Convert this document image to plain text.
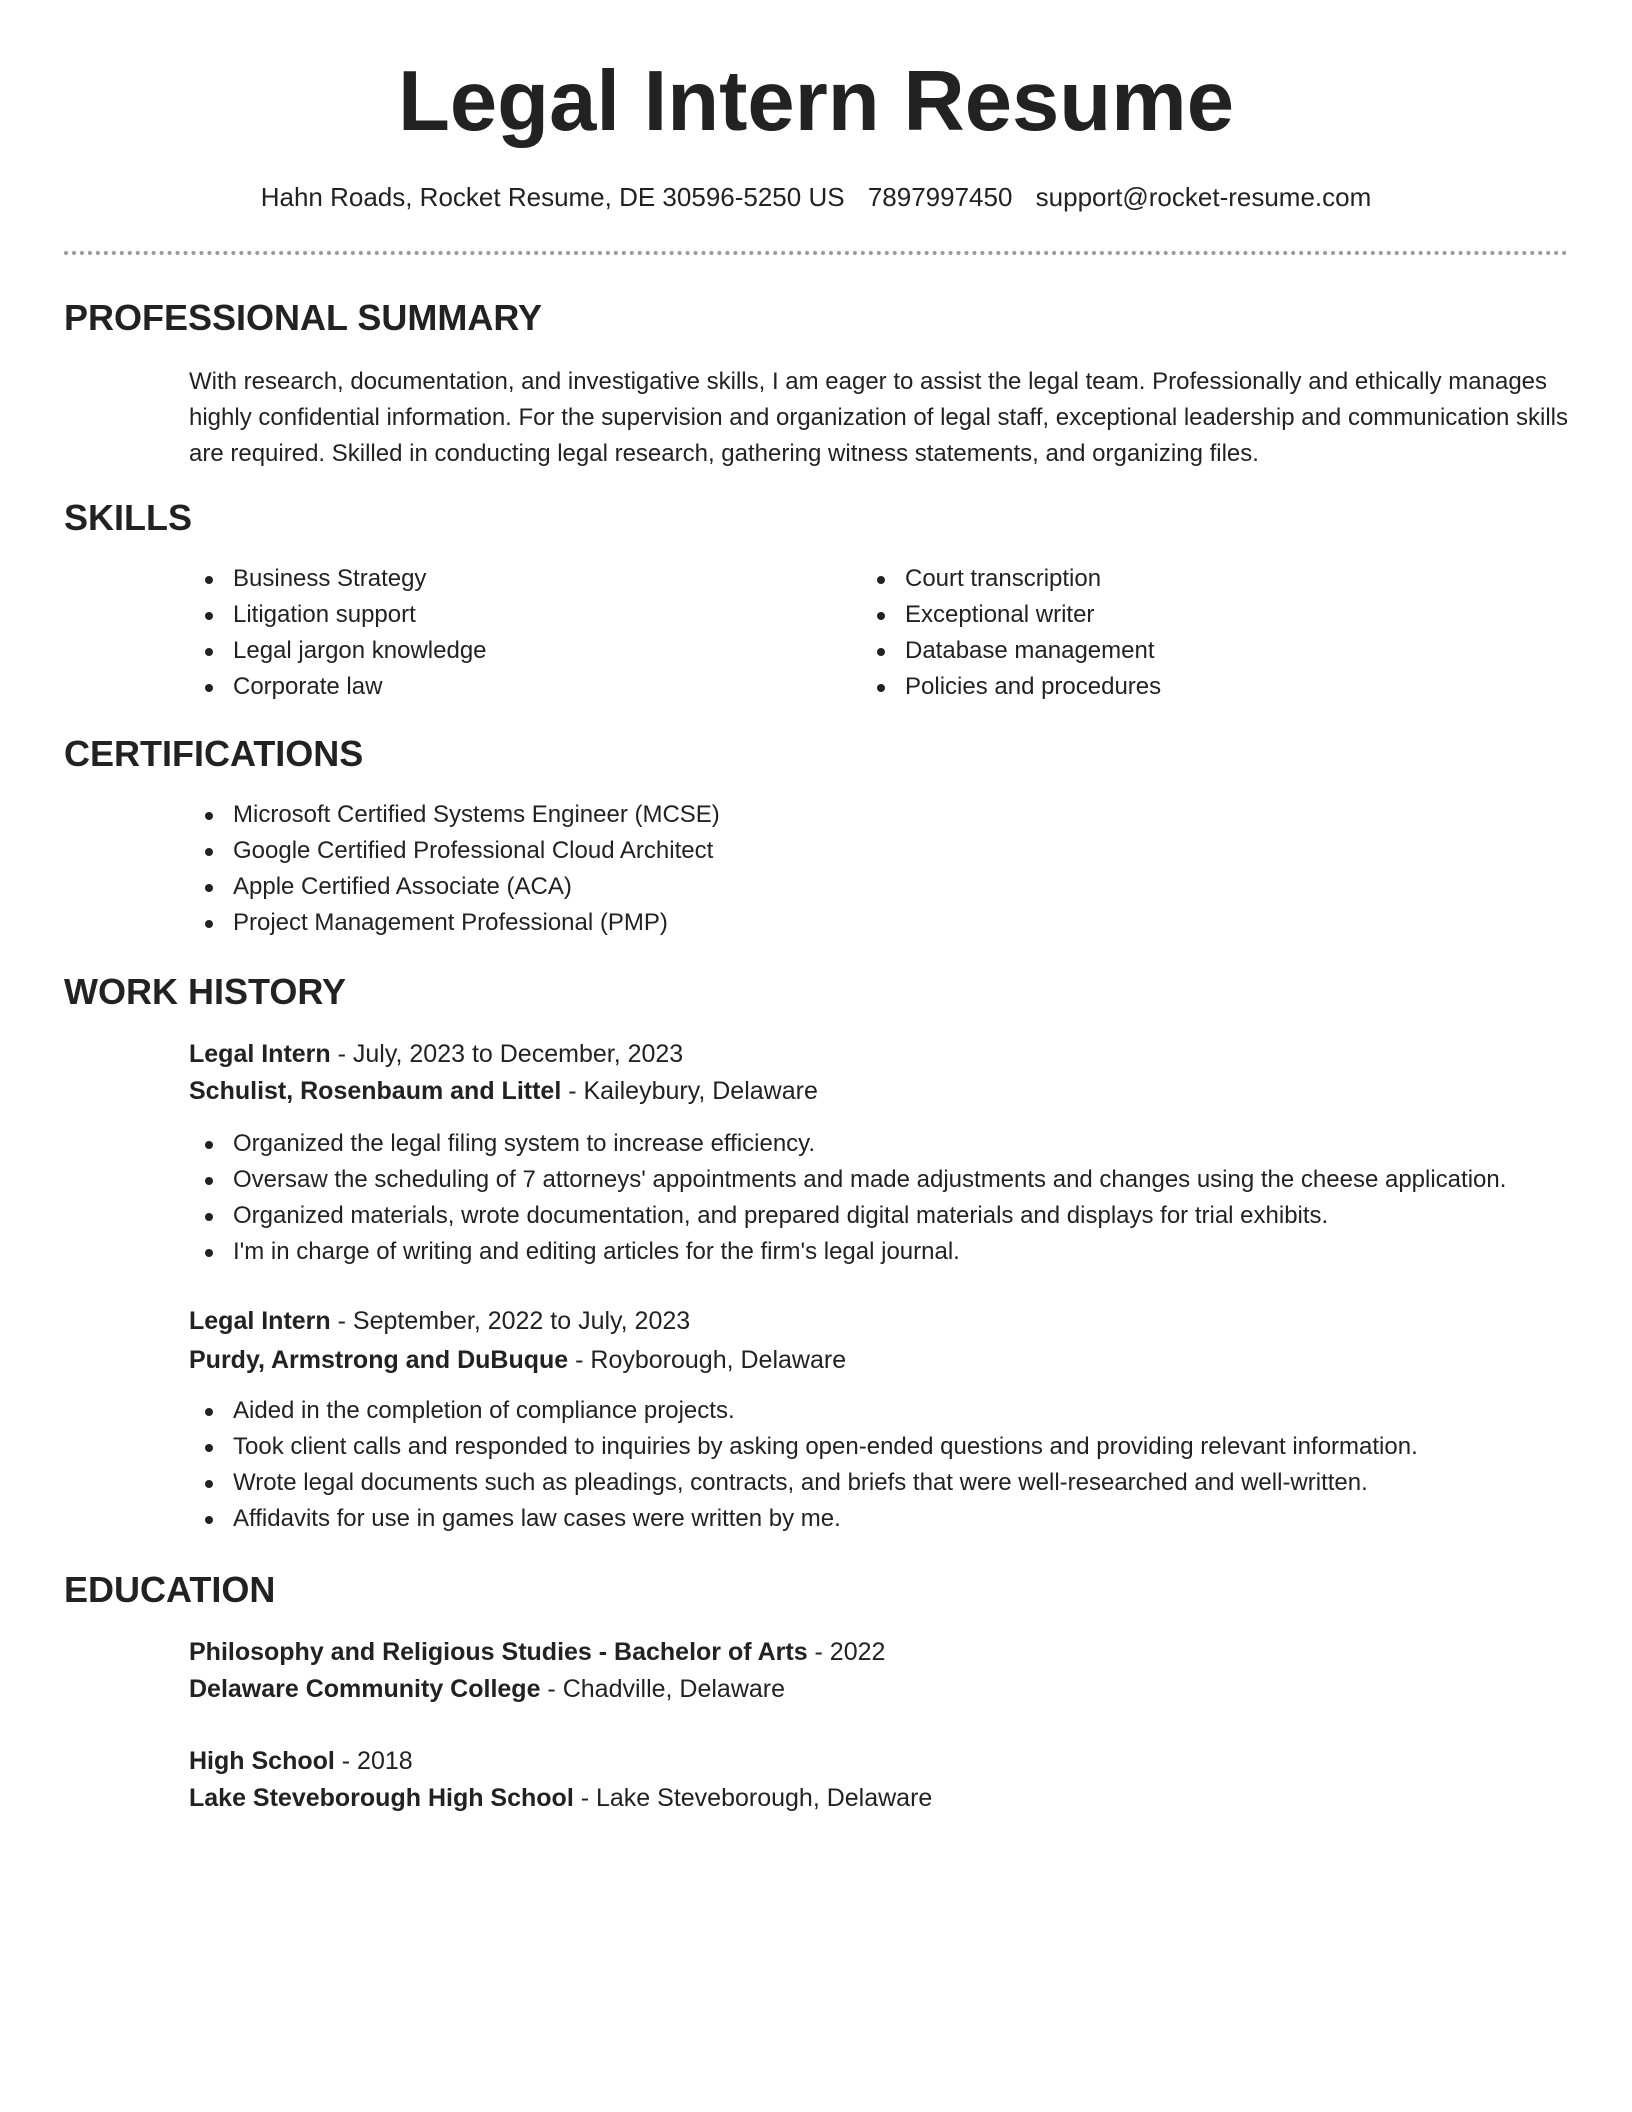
Legal Intern Resume
Hahn Roads, Rocket Resume, DE 30596-5250 US 7897997450 support@rocket-resume.com
PROFESSIONAL SUMMARY
With research, documentation, and investigative skills, I am eager to assist the legal team. Professionally and ethically manages highly confidential information. For the supervision and organization of legal staff, exceptional leadership and communication skills are required. Skilled in conducting legal research, gathering witness statements, and organizing files.
SKILLS
Business Strategy
Litigation support
Legal jargon knowledge
Corporate law
Court transcription
Exceptional writer
Database management
Policies and procedures
CERTIFICATIONS
Microsoft Certified Systems Engineer (MCSE)
Google Certified Professional Cloud Architect
Apple Certified Associate (ACA)
Project Management Professional (PMP)
WORK HISTORY
Legal Intern - July, 2023 to December, 2023
Schulist, Rosenbaum and Littel - Kaileybury, Delaware
Organized the legal filing system to increase efficiency.
Oversaw the scheduling of 7 attorneys' appointments and made adjustments and changes using the cheese application.
Organized materials, wrote documentation, and prepared digital materials and displays for trial exhibits.
I'm in charge of writing and editing articles for the firm's legal journal.
Legal Intern - September, 2022 to July, 2023
Purdy, Armstrong and DuBuque - Royborough, Delaware
Aided in the completion of compliance projects.
Took client calls and responded to inquiries by asking open-ended questions and providing relevant information.
Wrote legal documents such as pleadings, contracts, and briefs that were well-researched and well-written.
Affidavits for use in games law cases were written by me.
EDUCATION
Philosophy and Religious Studies - Bachelor of Arts - 2022
Delaware Community College - Chadville, Delaware
High School - 2018
Lake Steveborough High School - Lake Steveborough, Delaware
